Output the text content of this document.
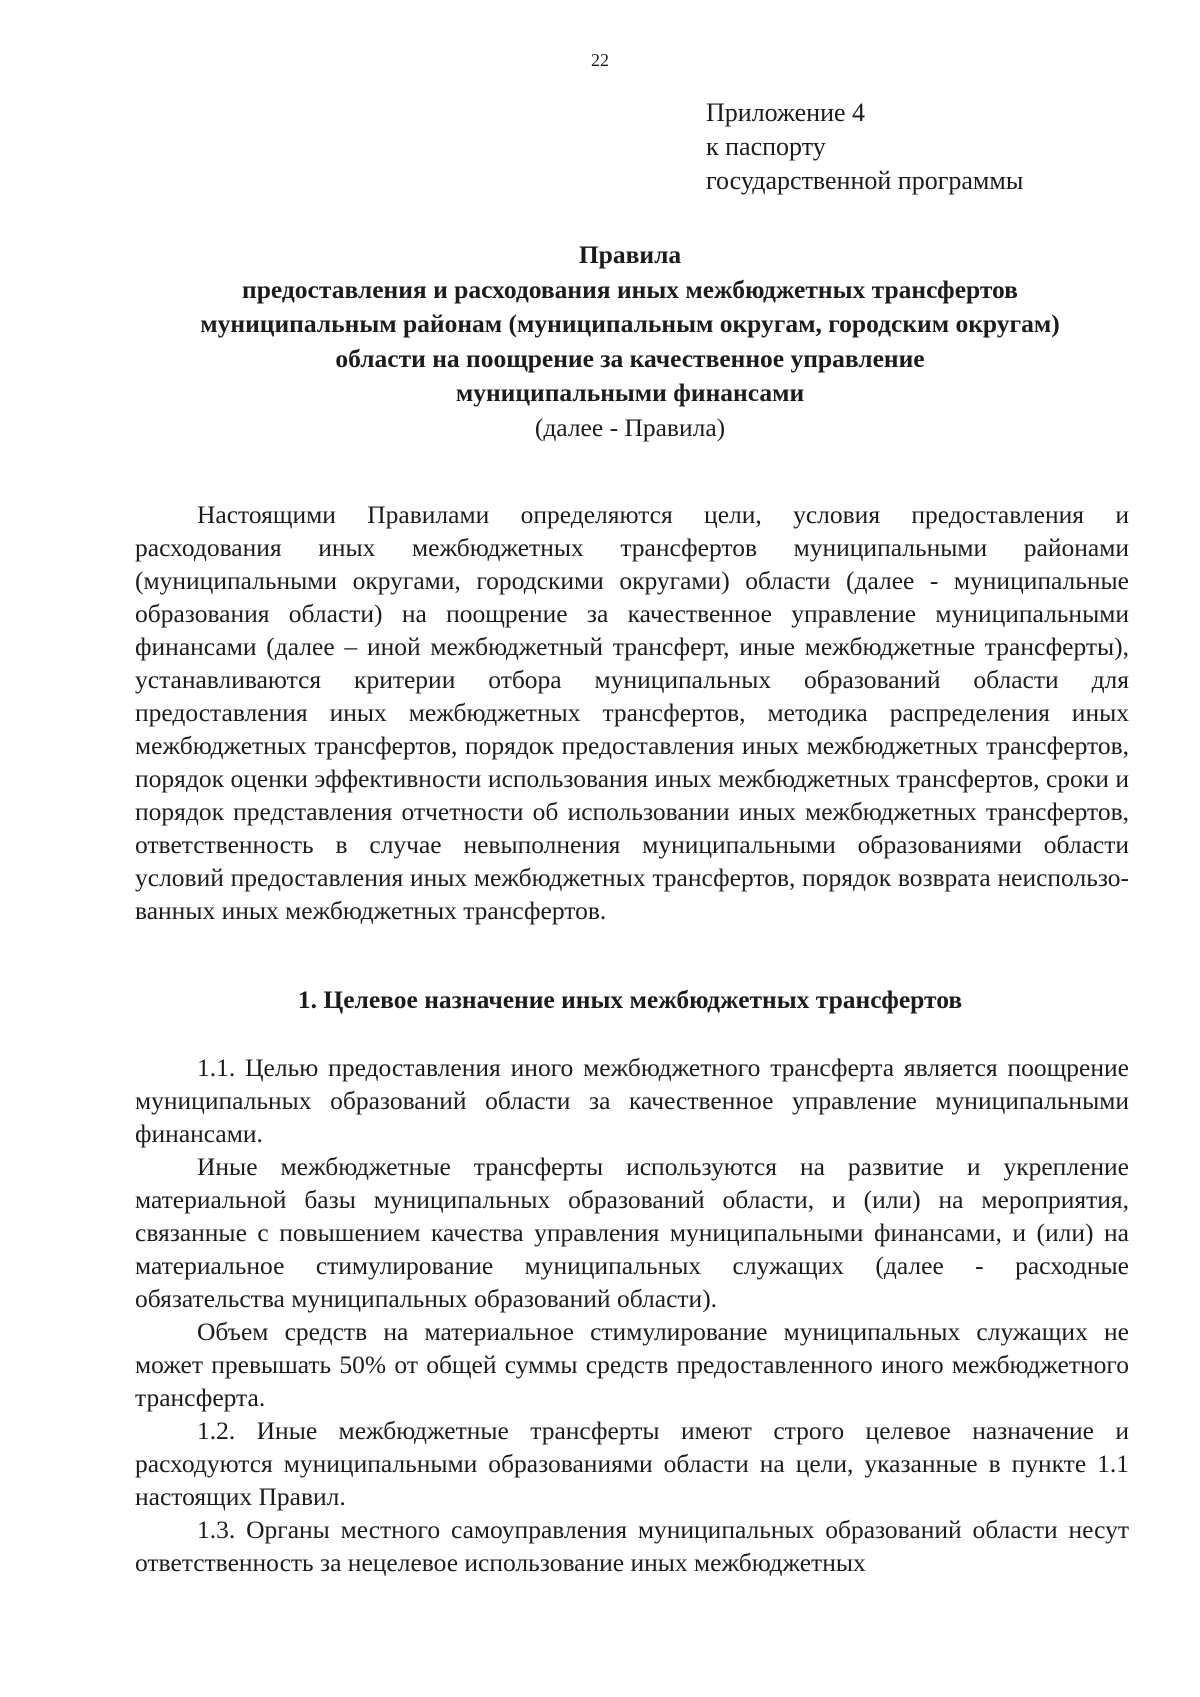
22
Приложение 4
к паспорту
государственной программы
Правила
предоставления и расходования иных межбюджетных трансфертов
муниципальным районам (муниципальным округам, городским округам)
области на поощрение за качественное управление
муниципальными финансами
(далее - Правила)

Настоящими Правилами определяются цели, условия предоставления и расходования иных межбюджетных трансфертов муниципальными районами (муниципальными округами, городскими округами) области (далее - муниципальные образования области) на поощрение за качественное управление муниципальными финансами (далее – иной межбюджетный трансферт, иные межбюджетные трансферты), устанавливаются критерии отбора муниципальных образований области для предоставления иных межбюджетных трансфертов, методика распределения иных межбюджетных трансфертов, порядок предоставления иных межбюджетных трансфертов, порядок оценки эффективности использования иных межбюджетных трансфертов, сроки и порядок представления отчетности об использовании иных межбюджетных трансфертов, ответственность в случае невыполнения муниципальными образованиями области условий предоставления иных межбюджетных трансфертов, порядок возврата неиспользованных иных межбюджетных трансфертов.

1. Целевое назначение иных межбюджетных трансфертов

1.1. Целью предоставления иного межбюджетного трансферта является поощрение муниципальных образований области за качественное управление муниципальными финансами.

Иные межбюджетные трансферты используются на развитие и укрепление материальной базы муниципальных образований области, и (или) на мероприятия, связанные с повышением качества управления муниципальными финансами, и (или) на материальное стимулирование муниципальных служащих (далее - расходные обязательства муниципальных образований области).

Объем средств на материальное стимулирование муниципальных служащих не может превышать 50% от общей суммы средств предоставленного иного межбюджетного трансферта.

1.2. Иные межбюджетные трансферты имеют строго целевое назначение и расходуются муниципальными образованиями области на цели, указанные в пункте 1.1 настоящих Правил.

1.3. Органы местного самоуправления муниципальных образований области несут ответственность за нецелевое использование иных межбюджетных
